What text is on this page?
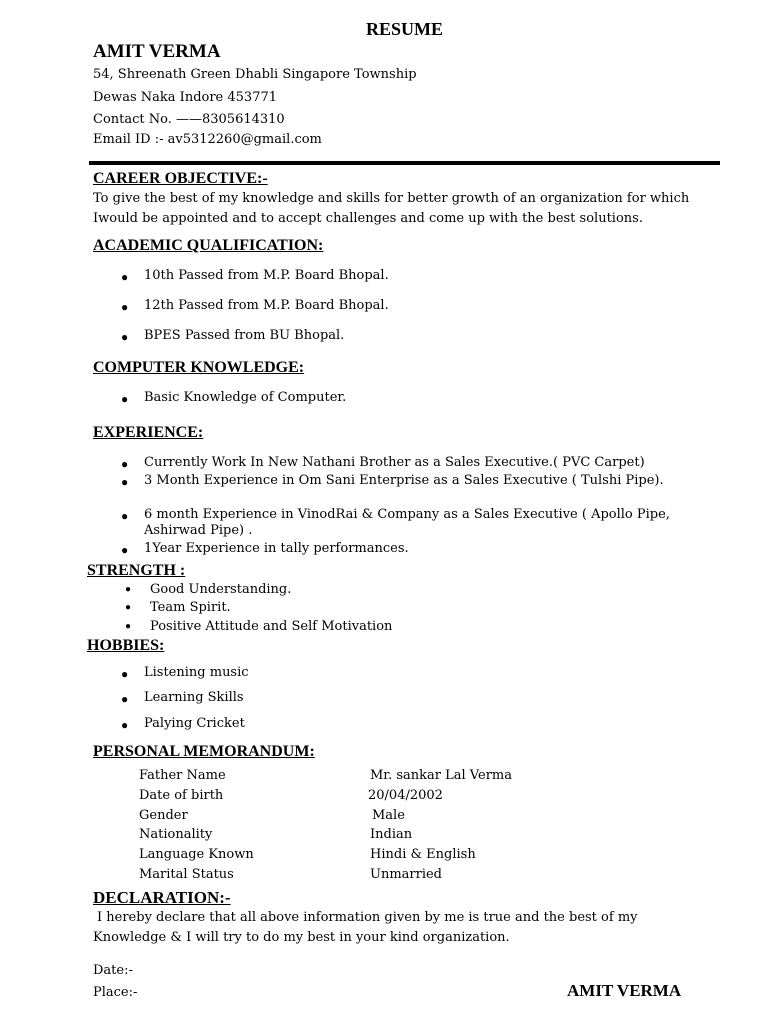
RESUME
AMIT VERMA
54, Shreenath Green Dhabli Singapore Township
Dewas Naka Indore 453771
Contact No. ——8305614310
Email ID :- av5312260@gmail.com
CAREER OBJECTIVE:-
To give the best of my knowledge and skills for better growth of an organization for which
Iwould be appointed and to accept challenges and come up with the best solutions.
ACADEMIC QUALIFICATION:
● 10th Passed from M.P. Board Bhopal.
● 12th Passed from M.P. Board Bhopal.
● BPES Passed from BU Bhopal.
COMPUTER KNOWLEDGE:
● Basic Knowledge of Computer.
EXPERIENCE:
● Currently Work In New Nathani Brother as a Sales Executive.( PVC Carpet)
● 3 Month Experience in Om Sani Enterprise as a Sales Executive ( Tulshi Pipe).
● 6 month Experience in VinodRai & Company as a Sales Executive ( Apollo Pipe,
Ashirwad Pipe) .
● 1Year Experience in tally performances.
STRENGTH :
● Good Understanding.
● Team Spirit.
● Positive Attitude and Self Motivation
HOBBIES:
● Listening music
● Learning Skills
● Palying Cricket
PERSONAL MEMORANDUM:
Father Name	Mr. sankar Lal Verma
Date of birth	20/04/2002
Gender	Male
Nationality	Indian
Language Known	Hindi & English
Marital Status	Unmarried
DECLARATION:-
I hereby declare that all above information given by me is true and the best of my
Knowledge & I will try to do my best in your kind organization.
Date:-
Place:-	AMIT VERMA
